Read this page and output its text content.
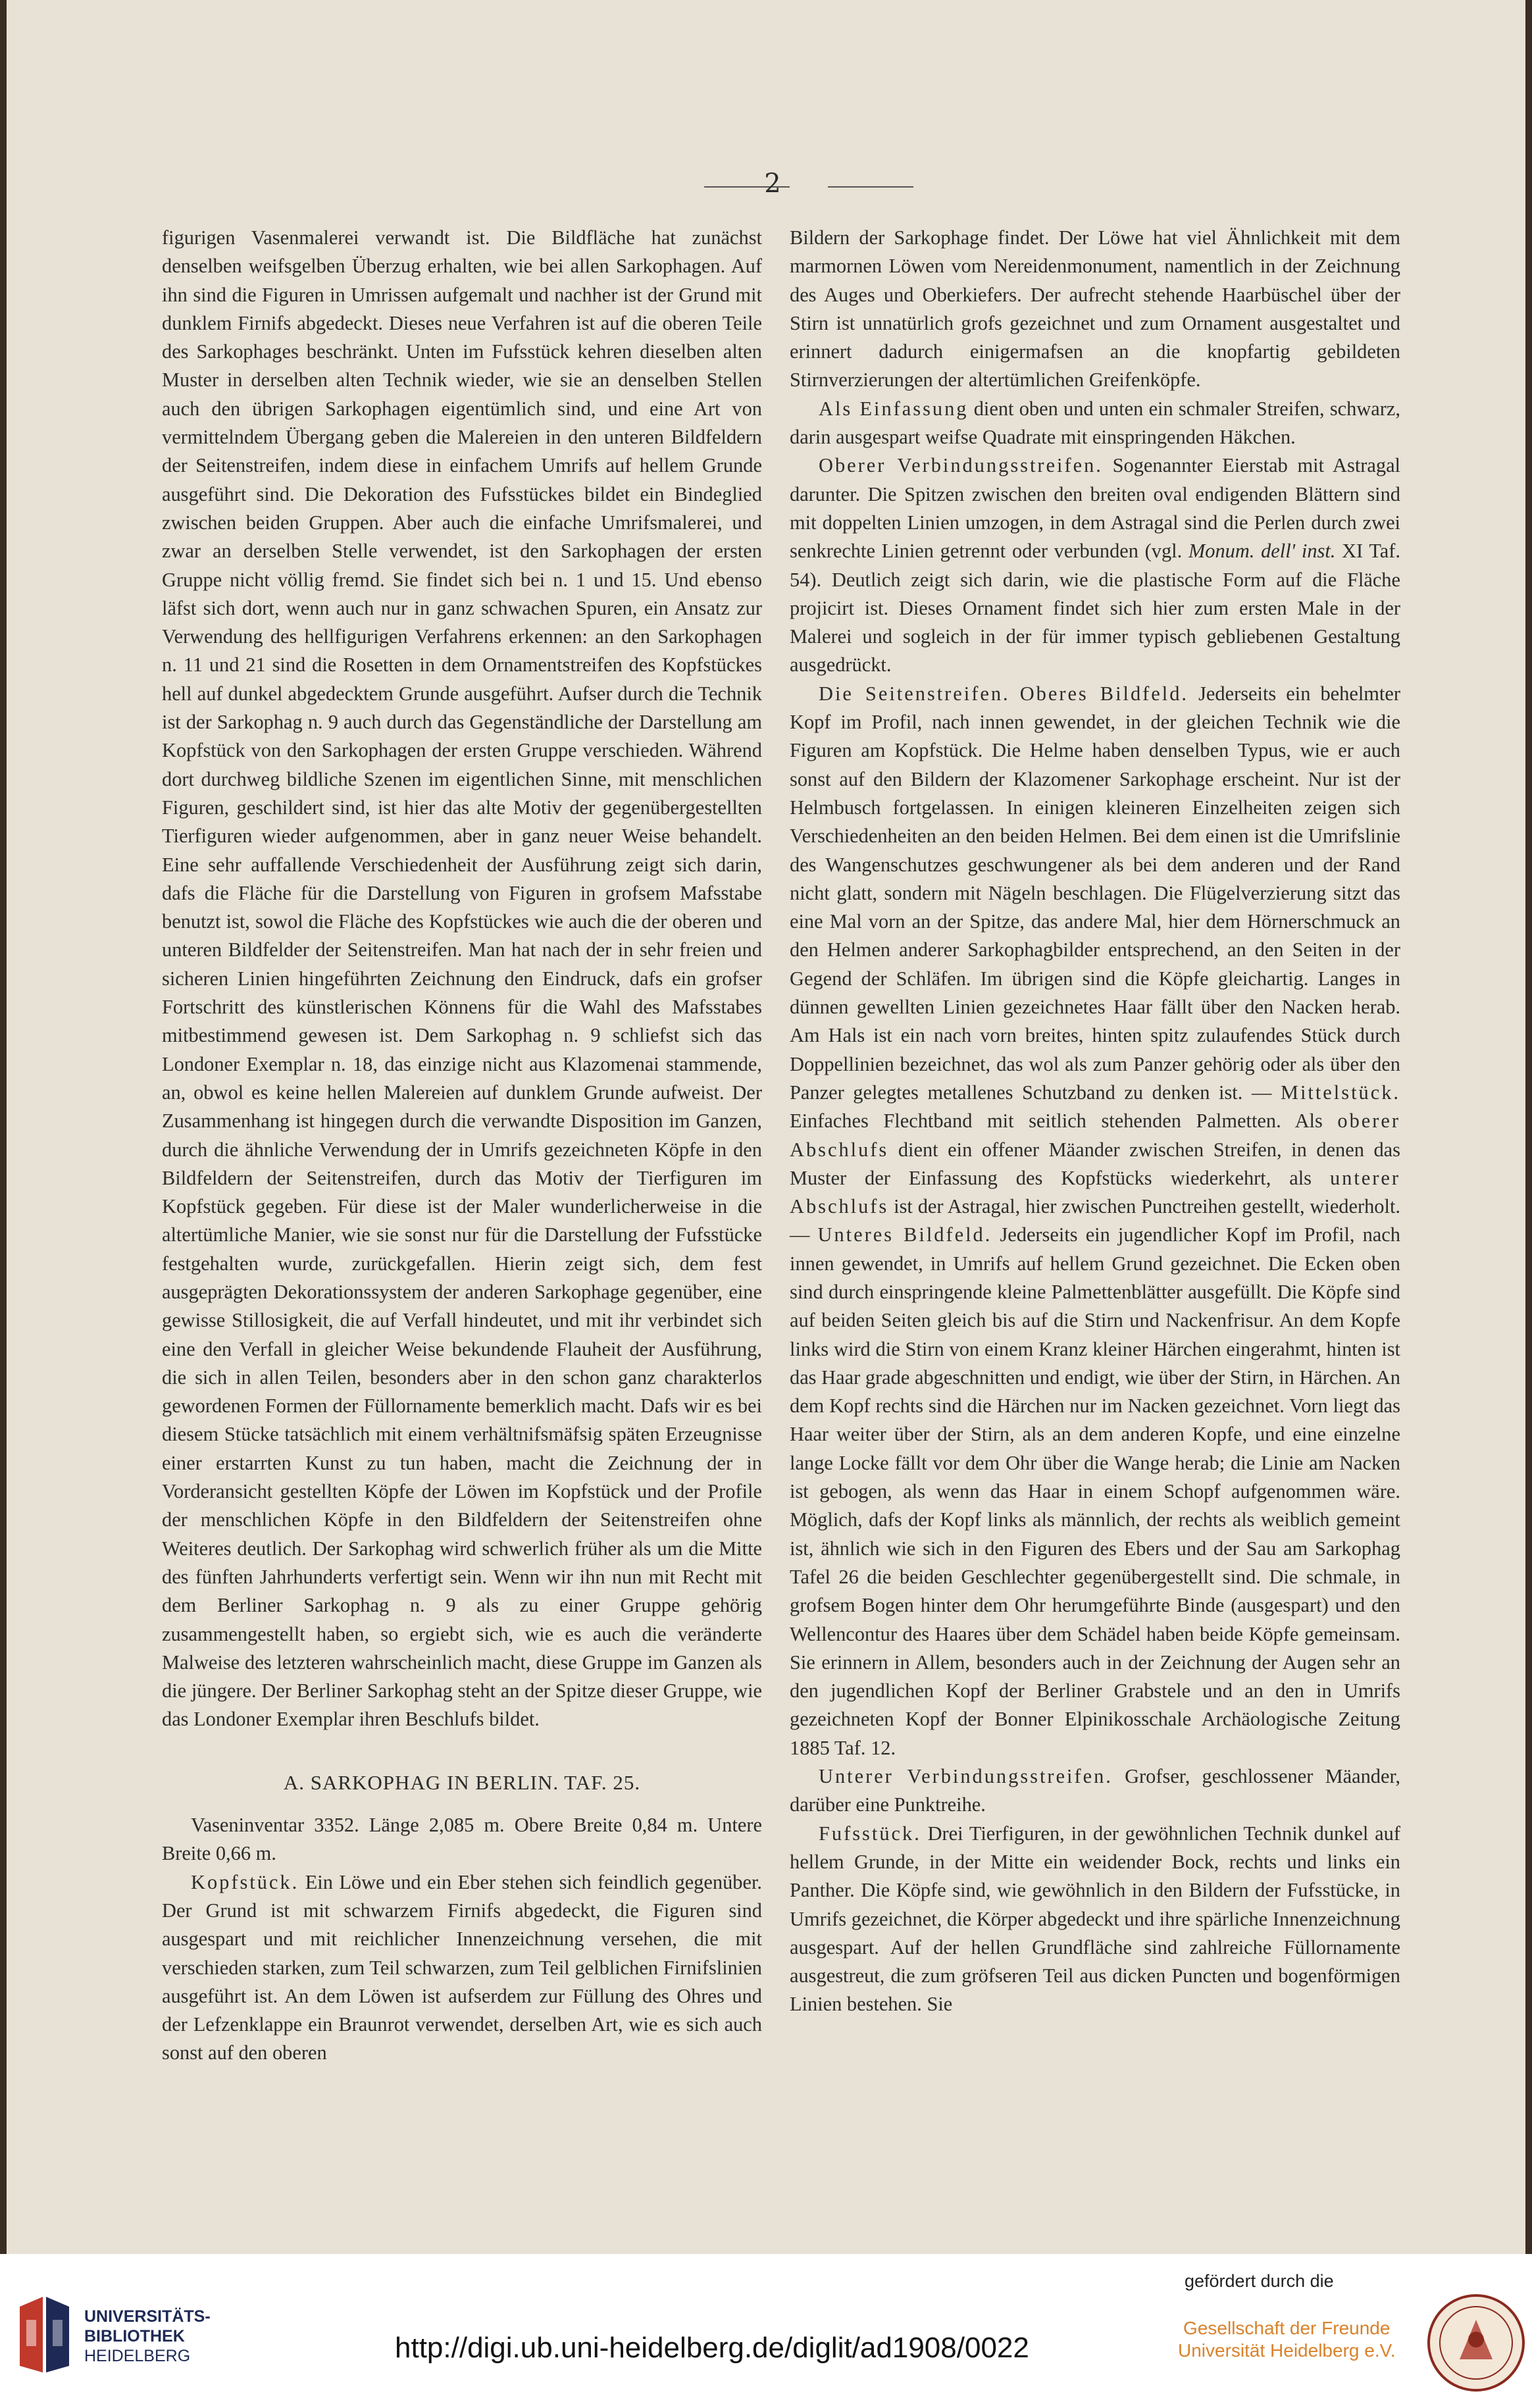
2

figurigen Vasenmalerei verwandt ist. Die Bildfläche hat zunächst denselben weifsgelben Überzug erhalten, wie bei allen Sarkophagen. Auf ihn sind die Figuren in Umrissen aufgemalt und nachher ist der Grund mit dunklem Firnifs abgedeckt. Dieses neue Verfahren ist auf die oberen Teile des Sarkophages beschränkt. Unten im Fufsstück kehren dieselben alten Muster in derselben alten Technik wieder, wie sie an denselben Stellen auch den übrigen Sarkophagen eigentümlich sind, und eine Art von vermittelndem Übergang geben die Malereien in den unteren Bildfeldern der Seitenstreifen, indem diese in einfachem Umrifs auf hellem Grunde ausgeführt sind. Die Dekoration des Fufsstückes bildet ein Bindeglied zwischen beiden Gruppen. Aber auch die einfache Umrifsmalerei, und zwar an derselben Stelle verwendet, ist den Sarkophagen der ersten Gruppe nicht völlig fremd. Sie findet sich bei n. 1 und 15. Und ebenso läfst sich dort, wenn auch nur in ganz schwachen Spuren, ein Ansatz zur Verwendung des hellfigurigen Verfahrens erkennen: an den Sarkophagen n. 11 und 21 sind die Rosetten in dem Ornamentstreifen des Kopfstückes hell auf dunkel abgedecktem Grunde ausgeführt. Aufser durch die Technik ist der Sarkophag n. 9 auch durch das Gegenständliche der Darstellung am Kopfstück von den Sarkophagen der ersten Gruppe verschieden. Während dort durchweg bildliche Szenen im eigentlichen Sinne, mit menschlichen Figuren, geschildert sind, ist hier das alte Motiv der gegenübergestellten Tierfiguren wieder aufgenommen, aber in ganz neuer Weise behandelt. Eine sehr auffallende Verschiedenheit der Ausführung zeigt sich darin, dafs die Fläche für die Darstellung von Figuren in grofsem Mafsstabe benutzt ist, sowol die Fläche des Kopfstückes wie auch die der oberen und unteren Bildfelder der Seitenstreifen. Man hat nach der in sehr freien und sicheren Linien hingeführten Zeichnung den Eindruck, dafs ein grofser Fortschritt des künstlerischen Könnens für die Wahl des Mafsstabes mitbestimmend gewesen ist. Dem Sarkophag n. 9 schliefst sich das Londoner Exemplar n. 18, das einzige nicht aus Klazomenai stammende, an, obwol es keine hellen Malereien auf dunklem Grunde aufweist. Der Zusammenhang ist hingegen durch die verwandte Disposition im Ganzen, durch die ähnliche Verwendung der in Umrifs gezeichneten Köpfe in den Bildfeldern der Seitenstreifen, durch das Motiv der Tierfiguren im Kopfstück gegeben. Für diese ist der Maler wunderlicherweise in die altertümliche Manier, wie sie sonst nur für die Darstellung der Fufsstücke festgehalten wurde, zurückgefallen. Hierin zeigt sich, dem fest ausgeprägten Dekorationssystem der anderen Sarkophage gegenüber, eine gewisse Stillosigkeit, die auf Verfall hindeutet, und mit ihr verbindet sich eine den Verfall in gleicher Weise bekundende Flauheit der Ausführung, die sich in allen Teilen, besonders aber in den schon ganz charakterlos gewordenen Formen der Füllornamente bemerklich macht. Dafs wir es bei diesem Stücke tatsächlich mit einem verhältnifsmäfsig späten Erzeugnisse einer erstarrten Kunst zu tun haben, macht die Zeichnung der in Vorderansicht gestellten Köpfe der Löwen im Kopfstück und der Profile der menschlichen Köpfe in den Bildfeldern der Seitenstreifen ohne Weiteres deutlich. Der Sarkophag wird schwerlich früher als um die Mitte des fünften Jahrhunderts verfertigt sein. Wenn wir ihn nun mit Recht mit dem Berliner Sarkophag n. 9 als zu einer Gruppe gehörig zusammengestellt haben, so ergiebt sich, wie es auch die veränderte Malweise des letzteren wahrscheinlich macht, diese Gruppe im Ganzen als die jüngere. Der Berliner Sarkophag steht an der Spitze dieser Gruppe, wie das Londoner Exemplar ihren Beschlufs bildet.

A. SARKOPHAG IN BERLIN. TAF. 25.

Vaseninventar 3352. Länge 2,085 m. Obere Breite 0,84 m. Untere Breite 0,66 m.

Kopfstück. Ein Löwe und ein Eber stehen sich feindlich gegenüber. Der Grund ist mit schwarzem Firnifs abgedeckt, die Figuren sind ausgespart und mit reichlicher Innenzeichnung versehen, die mit verschieden starken, zum Teil schwarzen, zum Teil gelblichen Firnifslinien ausgeführt ist. An dem Löwen ist aufserdem zur Füllung des Ohres und der Lefzenklappe ein Braunrot verwendet, derselben Art, wie es sich auch sonst auf den oberen

Bildern der Sarkophage findet. Der Löwe hat viel Ähnlichkeit mit dem marmornen Löwen vom Nereidenmonument, namentlich in der Zeichnung des Auges und Oberkiefers. Der aufrecht stehende Haarbüschel über der Stirn ist unnatürlich grofs gezeichnet und zum Ornament ausgestaltet und erinnert dadurch einigermafsen an die knopfartig gebildeten Stirnverzierungen der altertümlichen Greifenköpfe.

Als Einfassung dient oben und unten ein schmaler Streifen, schwarz, darin ausgespart weifse Quadrate mit einspringenden Häkchen.

Oberer Verbindungsstreifen. Sogenannter Eierstab mit Astragal darunter. Die Spitzen zwischen den breiten oval endigenden Blättern sind mit doppelten Linien umzogen, in dem Astragal sind die Perlen durch zwei senkrechte Linien getrennt oder verbunden (vgl. Monum. dell' inst. XI Taf. 54). Deutlich zeigt sich darin, wie die plastische Form auf die Fläche projicirt ist. Dieses Ornament findet sich hier zum ersten Male in der Malerei und sogleich in der für immer typisch gebliebenen Gestaltung ausgedrückt.

Die Seitenstreifen. Oberes Bildfeld. Jederseits ein behelmter Kopf im Profil, nach innen gewendet, in der gleichen Technik wie die Figuren am Kopfstück. Die Helme haben denselben Typus, wie er auch sonst auf den Bildern der Klazomener Sarkophage erscheint. Nur ist der Helmbusch fortgelassen. In einigen kleineren Einzelheiten zeigen sich Verschiedenheiten an den beiden Helmen. Bei dem einen ist die Umrifslinie des Wangenschutzes geschwungener als bei dem anderen und der Rand nicht glatt, sondern mit Nägeln beschlagen. Die Flügelverzierung sitzt das eine Mal vorn an der Spitze, das andere Mal, hier dem Hörnerschmuck an den Helmen anderer Sarkophagbilder entsprechend, an den Seiten in der Gegend der Schläfen. Im übrigen sind die Köpfe gleichartig. Langes in dünnen gewellten Linien gezeichnetes Haar fällt über den Nacken herab. Am Hals ist ein nach vorn breites, hinten spitz zulaufendes Stück durch Doppellinien bezeichnet, das wol als zum Panzer gehörig oder als über den Panzer gelegtes metallenes Schutzband zu denken ist. — Mittelstück. Einfaches Flechtband mit seitlich stehenden Palmetten. Als oberer Abschlufs dient ein offener Mäander zwischen Streifen, in denen das Muster der Einfassung des Kopfstücks wiederkehrt, als unterer Abschlufs ist der Astragal, hier zwischen Punctreihen gestellt, wiederholt. — Unteres Bildfeld. Jederseits ein jugendlicher Kopf im Profil, nach innen gewendet, in Umrifs auf hellem Grund gezeichnet. Die Ecken oben sind durch einspringende kleine Palmettenblätter ausgefüllt. Die Köpfe sind auf beiden Seiten gleich bis auf die Stirn und Nackenfrisur. An dem Kopfe links wird die Stirn von einem Kranz kleiner Härchen eingerahmt, hinten ist das Haar grade abgeschnitten und endigt, wie über der Stirn, in Härchen. An dem Kopf rechts sind die Härchen nur im Nacken gezeichnet. Vorn liegt das Haar weiter über der Stirn, als an dem anderen Kopfe, und eine einzelne lange Locke fällt vor dem Ohr über die Wange herab; die Linie am Nacken ist gebogen, als wenn das Haar in einem Schopf aufgenommen wäre. Möglich, dafs der Kopf links als männlich, der rechts als weiblich gemeint ist, ähnlich wie sich in den Figuren des Ebers und der Sau am Sarkophag Tafel 26 die beiden Geschlechter gegenübergestellt sind. Die schmale, in grofsem Bogen hinter dem Ohr herumgeführte Binde (ausgespart) und den Wellencontur des Haares über dem Schädel haben beide Köpfe gemeinsam. Sie erinnern in Allem, besonders auch in der Zeichnung der Augen sehr an den jugendlichen Kopf der Berliner Grabstele und an den in Umrifs gezeichneten Kopf der Bonner Elpinikosschale Archäologische Zeitung 1885 Taf. 12.

Unterer Verbindungsstreifen. Grofser, geschlossener Mäander, darüber eine Punktreihe.

Fufsstück. Drei Tierfiguren, in der gewöhnlichen Technik dunkel auf hellem Grunde, in der Mitte ein weidender Bock, rechts und links ein Panther. Die Köpfe sind, wie gewöhnlich in den Bildern der Fufsstücke, in Umrifs gezeichnet, die Körper abgedeckt und ihre spärliche Innenzeichnung ausgespart. Auf der hellen Grundfläche sind zahlreiche Füllornamente ausgestreut, die zum gröfseren Teil aus dicken Puncten und bogenförmigen Linien bestehen. Sie

UNIVERSITÄTS-
BIBLIOTHEK
HEIDELBERG	http://digi.ub.uni-heidelberg.de/diglit/ad1908/0022
gefördert durch die
Gesellschaft der Freunde
Universität Heidelberg e.V.
